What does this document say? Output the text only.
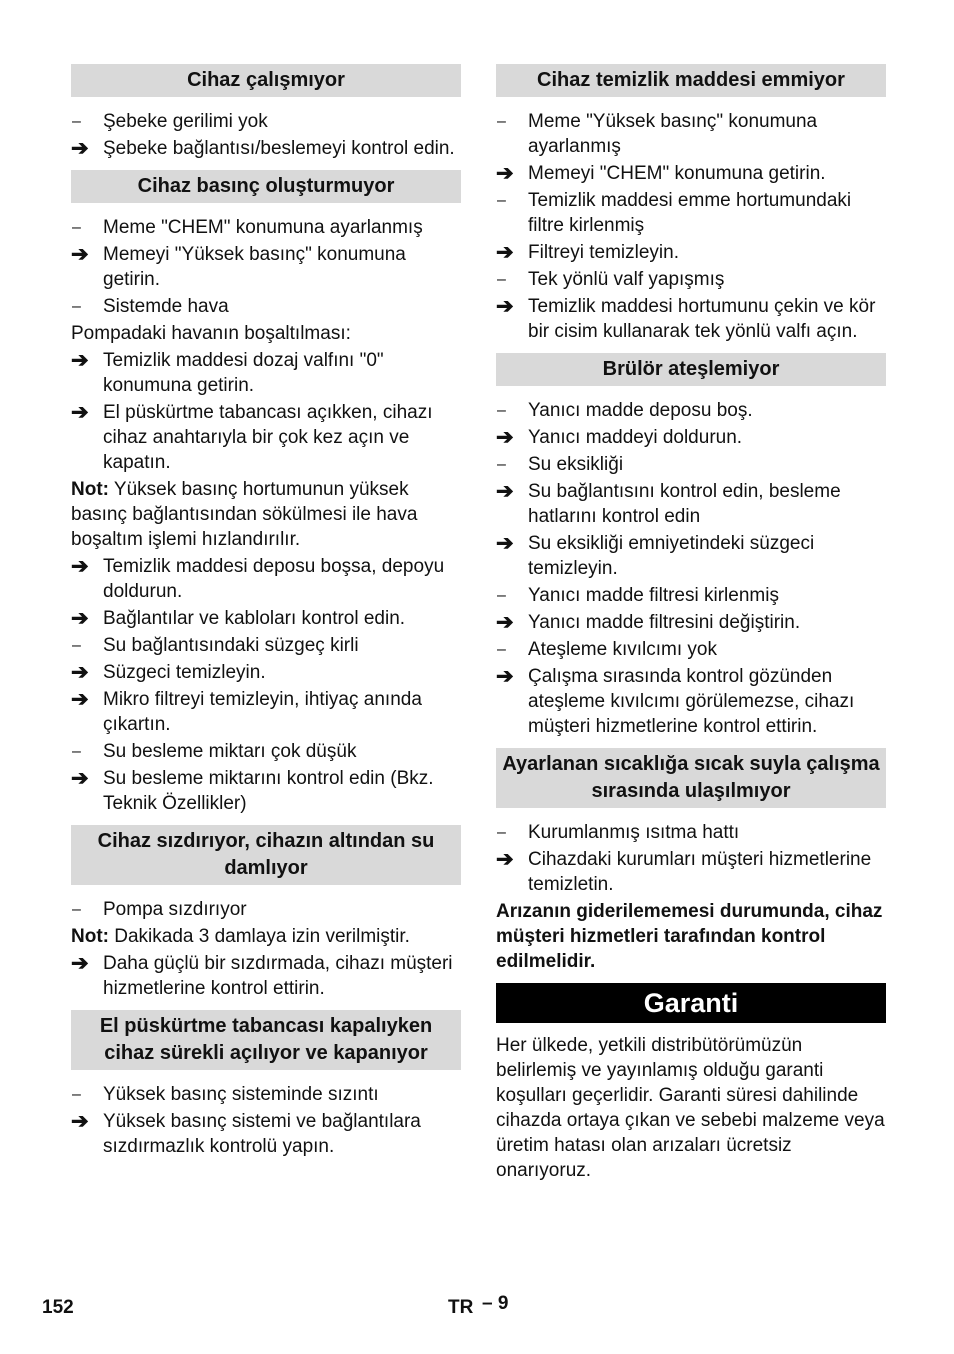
Cihaz çalışmıyor
–	Şebeke gerilimi yok
➔ Şebeke bağlantısı/beslemeyi kontrol edin.
Cihaz basınç oluşturmuyor
–	Meme "CHEM" konumuna ayarlanmış
➔ Memeyi "Yüksek basınç" konumuna getirin.
–	Sistemde hava
Pompadaki havanın boşaltılması:
➔ Temizlik maddesi dozaj valfını "0" konumuna getirin.
➔ El püskürtme tabancası açıkken, cihazı cihaz anahtarıyla bir çok kez açın ve kapatın.
Not: Yüksek basınç hortumunun yüksek basınç bağlantısından sökülmesi ile hava boşaltım işlemi hızlandırılır.
➔ Temizlik maddesi deposu boşsa, depoyu doldurun.
➔ Bağlantılar ve kabloları kontrol edin.
–	Su bağlantısındaki süzgeç kirli
➔ Süzgeci temizleyin.
➔ Mikro filtreyi temizleyin, ihtiyaç anında çıkartın.
–	Su besleme miktarı çok düşük
➔ Su besleme miktarını kontrol edin (Bkz. Teknik Özellikler)
Cihaz sızdırıyor, cihazın altından su damlıyor
–	Pompa sızdırıyor
Not: Dakikada 3 damlaya izin verilmiştir.
➔ Daha güçlü bir sızdırmada, cihazı müşteri hizmetlerine kontrol ettirin.
El püskürtme tabancası kapalıyken cihaz sürekli açılıyor ve kapanıyor
–	Yüksek basınç sisteminde sızıntı
➔ Yüksek basınç sistemi ve bağlantılara sızdırmazlık kontrolü yapın.
Cihaz temizlik maddesi emmiyor
–	Meme "Yüksek basınç" konumuna ayarlanmış
➔ Memeyi "CHEM" konumuna getirin.
–	Temizlik maddesi emme hortumundaki filtre kirlenmiş
➔ Filtreyi temizleyin.
–	Tek yönlü valf yapışmış
➔ Temizlik maddesi hortumunu çekin ve kör bir cisim kullanarak tek yönlü valfı açın.
Brülör ateşlemiyor
–	Yanıcı madde deposu boş.
➔ Yanıcı maddeyi doldurun.
–	Su eksikliği
➔ Su bağlantısını kontrol edin, besleme hatlarını kontrol edin
➔ Su eksikliği emniyetindeki süzgeci temizleyin.
–	Yanıcı madde filtresi kirlenmiş
➔ Yanıcı madde filtresini değiştirin.
–	Ateşleme kıvılcımı yok
➔ Çalışma sırasında kontrol gözünden ateşleme kıvılcımı görülemezse, cihazı müşteri hizmetlerine kontrol ettirin.
Ayarlanan sıcaklığa sıcak suyla çalışma sırasında ulaşılmıyor
–	Kurumlanmış ısıtma hattı
➔ Cihazdaki kurumları müşteri hizmetlerine temizletin.
Arızanın giderilememesi durumunda, cihaz müşteri hizmetleri tarafından kontrol edilmelidir.
Garanti
Her ülkede, yetkili distribütörümüzün belirlemiş ve yayınlamış olduğu garanti koşulları geçerlidir. Garanti süresi dahilinde cihazda ortaya çıkan ve sebebi malzeme veya üretim hatası olan arızaları ücretsiz onarıyoruz.
152	TR – 9
